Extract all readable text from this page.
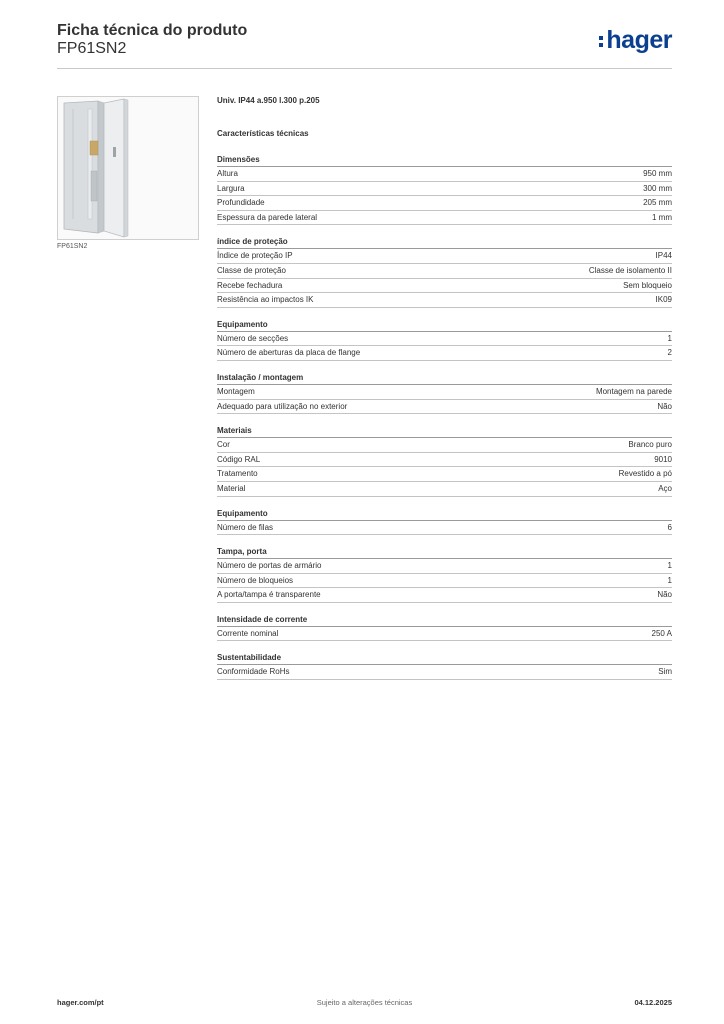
Ficha técnica do produto
FP61SN2	hager
FP61SN2
Univ. IP44 a.950 l.300 p.205
Características técnicas
Dimensões
Altura	950 mm
Largura	300 mm
Profundidade	205 mm
Espessura da parede lateral	1 mm
índice de proteção
Índice de proteção IP	IP44
Classe de proteção	Classe de isolamento II
Recebe fechadura	Sem bloqueio
Resistência ao impactos IK	IK09
Equipamento
Número de secções	1
Número de aberturas da placa de flange	2
Instalação / montagem
Montagem	Montagem na parede
Adequado para utilização no exterior	Não
Materiais
Cor	Branco puro
Código RAL	9010
Tratamento	Revestido a pó
Material	Aço
Equipamento
Número de filas	6
Tampa, porta
Número de portas de armário	1
Número de bloqueios	1
A porta/tampa é transparente	Não
Intensidade de corrente
Corrente nominal	250 A
Sustentabilidade
Conformidade RoHs	Sim
hager.com/pt	Sujeito a alterações técnicas	04.12.2025
